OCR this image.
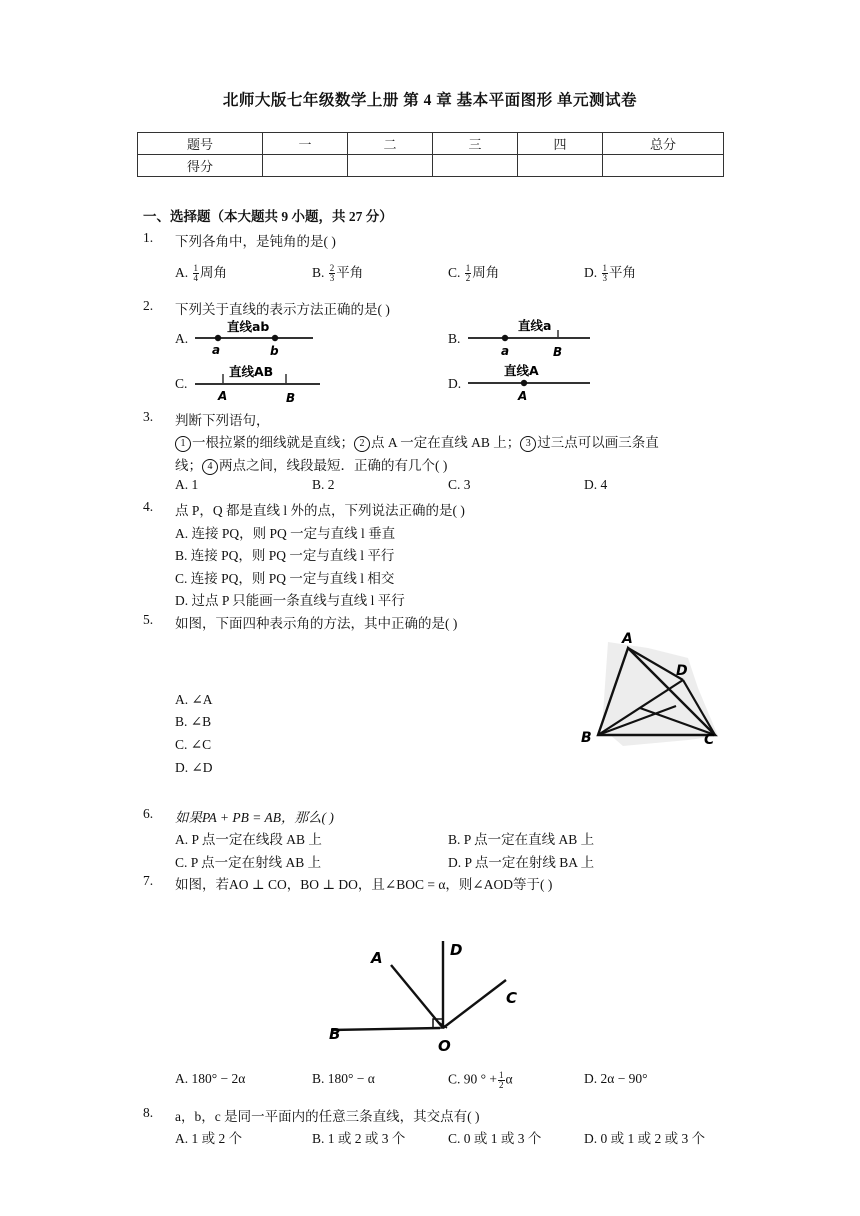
北师大版七年级数学上册 第 4 章 基本平面图形 单元测试卷
题号	一	二	三	四	总分
得分					
一、选择题（本大题共 9 小题，共 27 分）
1.	下列各角中，是钝角的是( )
A. $\frac{1}{4}$ 周角	B. $\frac{2}{3}$ 平角	C. $\frac{1}{2}$ 周角	D. $\frac{1}{3}$ 平角
2.	下列关于直线的表示方法正确的是( )
A.
直线ab
a	b
B.
直线a
a	B
C.
直线AB
A	B
D.
直线A
A
3.	判断下列语句，
1 一根拉紧的细线就是直线； 2 点 A 一定在直线 AB 上； 3 过三点可以画三条直
线； 4 两点之间，线段最短．正确的有几个( )
A. 1	B. 2	C. 3	D. 4
4.	点 P，Q 都是直线 l 外的点，下列说法正确的是( )
A. 连接 PQ，则 PQ 一定与直线 l 垂直
B. 连接 PQ，则 PQ 一定与直线 l 平行
C. 连接 PQ，则 PQ 一定与直线 l 相交
D. 过点 P 只能画一条直线与直线 l 平行
5.	如图，下面四种表示角的方法，其中正确的是( )
A. ∠A
B. ∠B
C. ∠C
D. ∠D
A
B	C
D
6.	如果PA + PB = AB，那么( )
A. P 点一定在线段 AB 上	B. P 点一定在直线 AB 上
C. P 点一定在射线 AB 上	D. P 点一定在射线 BA 上
7.	如图，若AO ⊥ CO，BO ⊥ DO，且∠BOC = α，则∠AOD等于( )
A
B
C
D
O
A. 180° − 2α	B. 180° − α	C. 90 ° + $\frac{1}{2}$ α	D. 2α − 90°
8.	a，b，c 是同一平面内的任意三条直线，其交点有( )
A. 1 或 2 个	B. 1 或 2 或 3 个	C. 0 或 1 或 3 个	D. 0 或 1 或 2 或 3 个
